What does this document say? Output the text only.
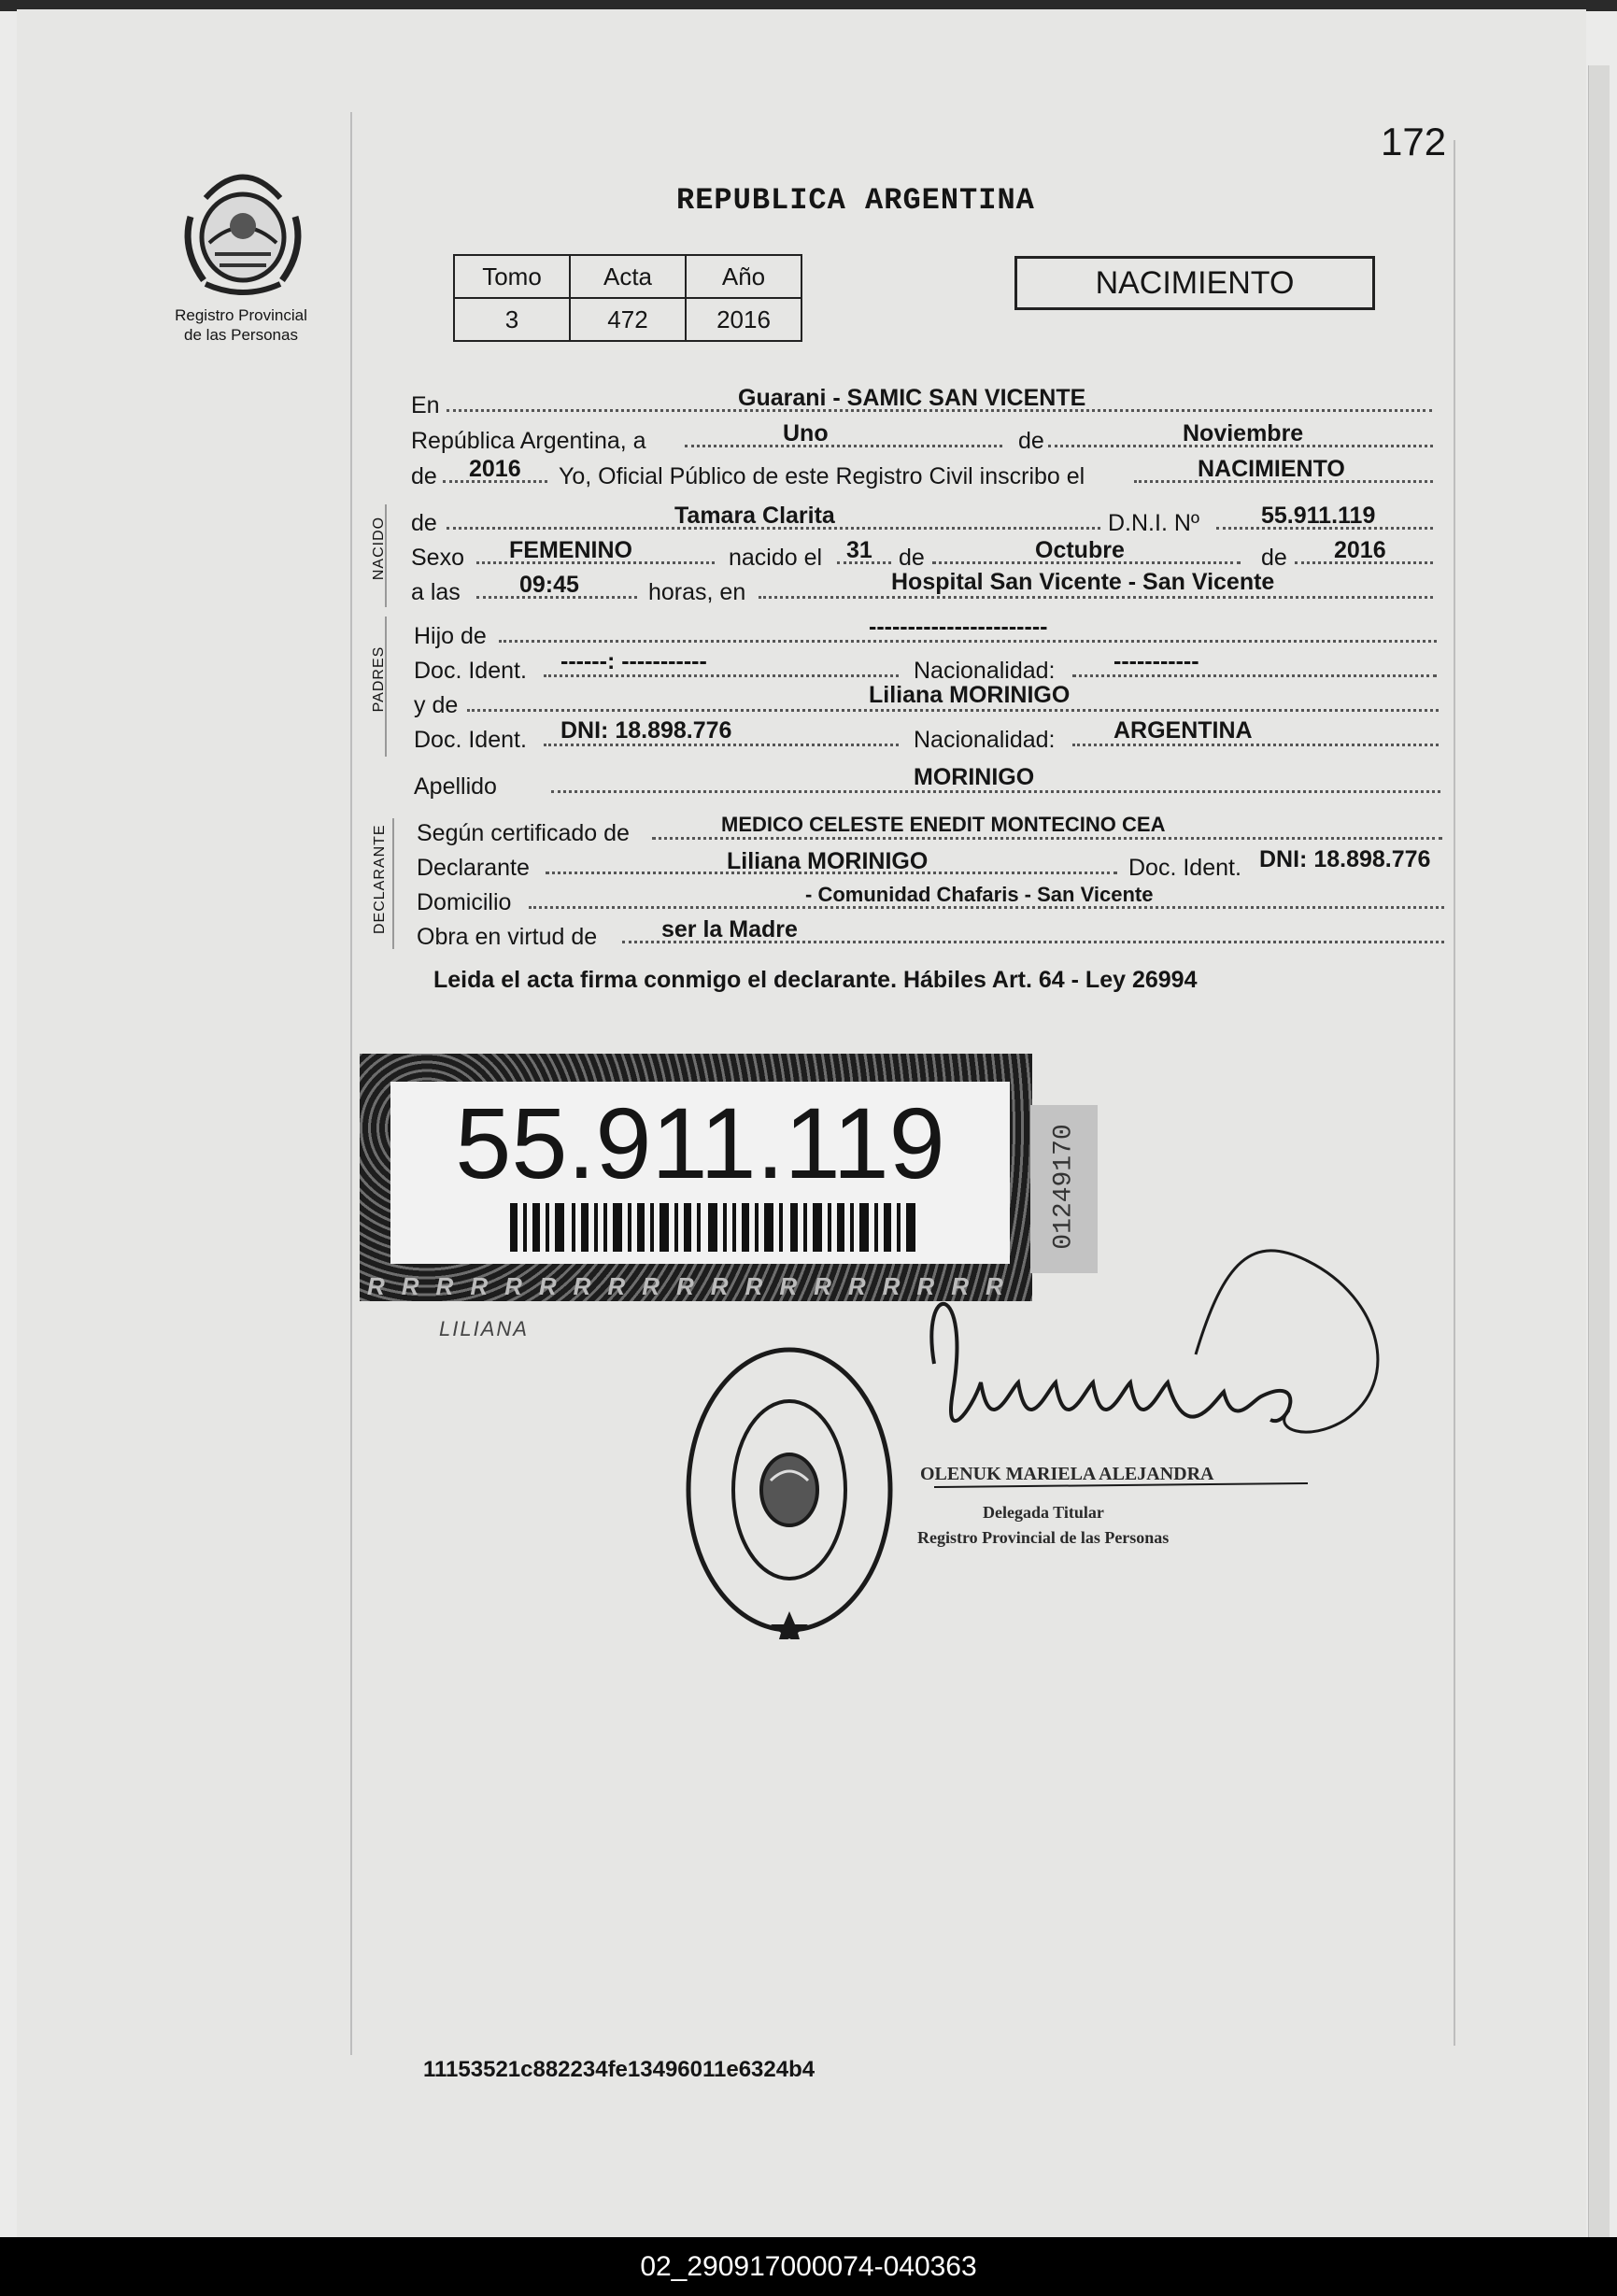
172
Registro Provincial
de las Personas
REPUBLICA ARGENTINA
Tomo	Acta	Año
3	472	2016
NACIMIENTO
En	Guarani - SAMIC SAN VICENTE
República Argentina, a	Uno	de	Noviembre
de 2016 Yo, Oficial Público de este Registro Civil inscribo el	NACIMIENTO
NACIDO de	Tamara Clarita	D.N.I. Nº	55.911.119
Sexo FEMENINO	nacido el 31 de	Octubre	de 2016
a las	09:45	horas, en	Hospital San Vicente - San Vicente
PADRES
Hijo de	-----------------------
Doc. Ident. ------: -----------	Nacionalidad:	-----------
y de	Liliana MORINIGO
Doc. Ident. DNI: 18.898.776	Nacionalidad:	ARGENTINA
Apellido	MORINIGO
DECLARANTE Según certificado de	MEDICO CELESTE ENEDIT MONTECINO CEA
Declarante	Liliana MORINIGO	Doc. Ident. DNI: 18.898.776
Domicilio	- Comunidad Chafaris - San Vicente
Obra en virtud de	ser la Madre
Leida el acta firma conmigo el declarante. Hábiles Art. 64 - Ley 26994
55.911.119
RRRRRRRRRRRRRRRRRRR
01249170
LILIANA
OLENUK MARIELA ALEJANDRA
Delegada Titular
Registro Provincial de las Personas
11153521c882234fe13496011e6324b4
02_290917000074-040363
